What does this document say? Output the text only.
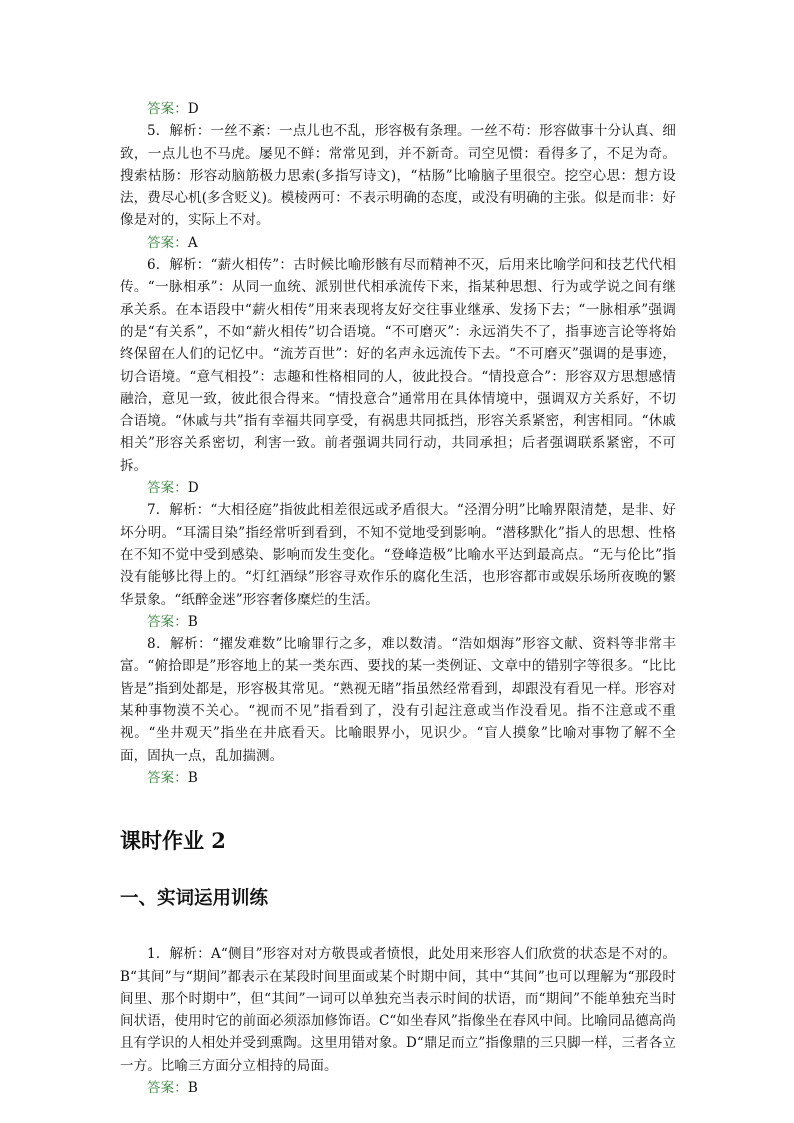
答案：D

5．解析：一丝不紊：一点儿也不乱，形容极有条理。一丝不苟：形容做事十分认真、细致，一点儿也不马虎。屡见不鲜：常常见到，并不新奇。司空见惯：看得多了，不足为奇。搜索枯肠：形容动脑筋极力思索(多指写诗文)，“枯肠”比喻脑子里很空。挖空心思：想方设法，费尽心机(多含贬义)。模棱两可：不表示明确的态度，或没有明确的主张。似是而非：好像是对的，实际上不对。

答案：A

6．解析：“薪火相传”：古时候比喻形骸有尽而精神不灭，后用来比喻学问和技艺代代相传。“一脉相承”：从同一血统、派别世代相承流传下来，指某种思想、行为或学说之间有继承关系。在本语段中“薪火相传”用来表现将友好交往事业继承、发扬下去；“一脉相承”强调的是“有关系”，不如“薪火相传”切合语境。“不可磨灭”：永远消失不了，指事迹言论等将始终保留在人们的记忆中。“流芳百世”：好的名声永远流传下去。“不可磨灭”强调的是事迹，切合语境。“意气相投”：志趣和性格相同的人，彼此投合。“情投意合”：形容双方思想感情融洽，意见一致，彼此很合得来。“情投意合”通常用在具体情境中，强调双方关系好，不切合语境。“休戚与共”指有幸福共同享受，有祸患共同抵挡，形容关系紧密，利害相同。“休戚相关”形容关系密切，利害一致。前者强调共同行动，共同承担；后者强调联系紧密，不可拆。

答案：D

7．解析：“大相径庭”指彼此相差很远或矛盾很大。“泾渭分明”比喻界限清楚，是非、好坏分明。“耳濡目染”指经常听到看到，不知不觉地受到影响。“潜移默化”指人的思想、性格在不知不觉中受到感染、影响而发生变化。“登峰造极”比喻水平达到最高点。“无与伦比”指没有能够比得上的。“灯红酒绿”形容寻欢作乐的腐化生活，也形容都市或娱乐场所夜晚的繁华景象。“纸醉金迷”形容奢侈糜烂的生活。

答案：B

8．解析：“擢发难数”比喻罪行之多，难以数清。“浩如烟海”形容文献、资料等非常丰富。“俯拾即是”形容地上的某一类东西、要找的某一类例证、文章中的错别字等很多。“比比皆是”指到处都是，形容极其常见。“熟视无睹”指虽然经常看到，却跟没有看见一样。形容对某种事物漠不关心。“视而不见”指看到了，没有引起注意或当作没看见。指不注意或不重视。“坐井观天”指坐在井底看天。比喻眼界小，见识少。“盲人摸象”比喻对事物了解不全面，固执一点，乱加揣测。

答案：B

课时作业 2
一、实词运用训练

1．解析：A“侧目”形容对对方敬畏或者愤恨，此处用来形容人们欣赏的状态是不对的。B“其间”与“期间”都表示在某段时间里面或某个时期中间，其中“其间”也可以理解为“那段时间里、那个时期中”，但“其间”一词可以单独充当表示时间的状语，而“期间”不能单独充当时间状语，使用时它的前面必须添加修饰语。C“如坐春风”指像坐在春风中间。比喻同品德高尚且有学识的人相处并受到熏陶。这里用错对象。D“鼎足而立”指像鼎的三只脚一样，三者各立一方。比喻三方面分立相持的局面。

答案：B
